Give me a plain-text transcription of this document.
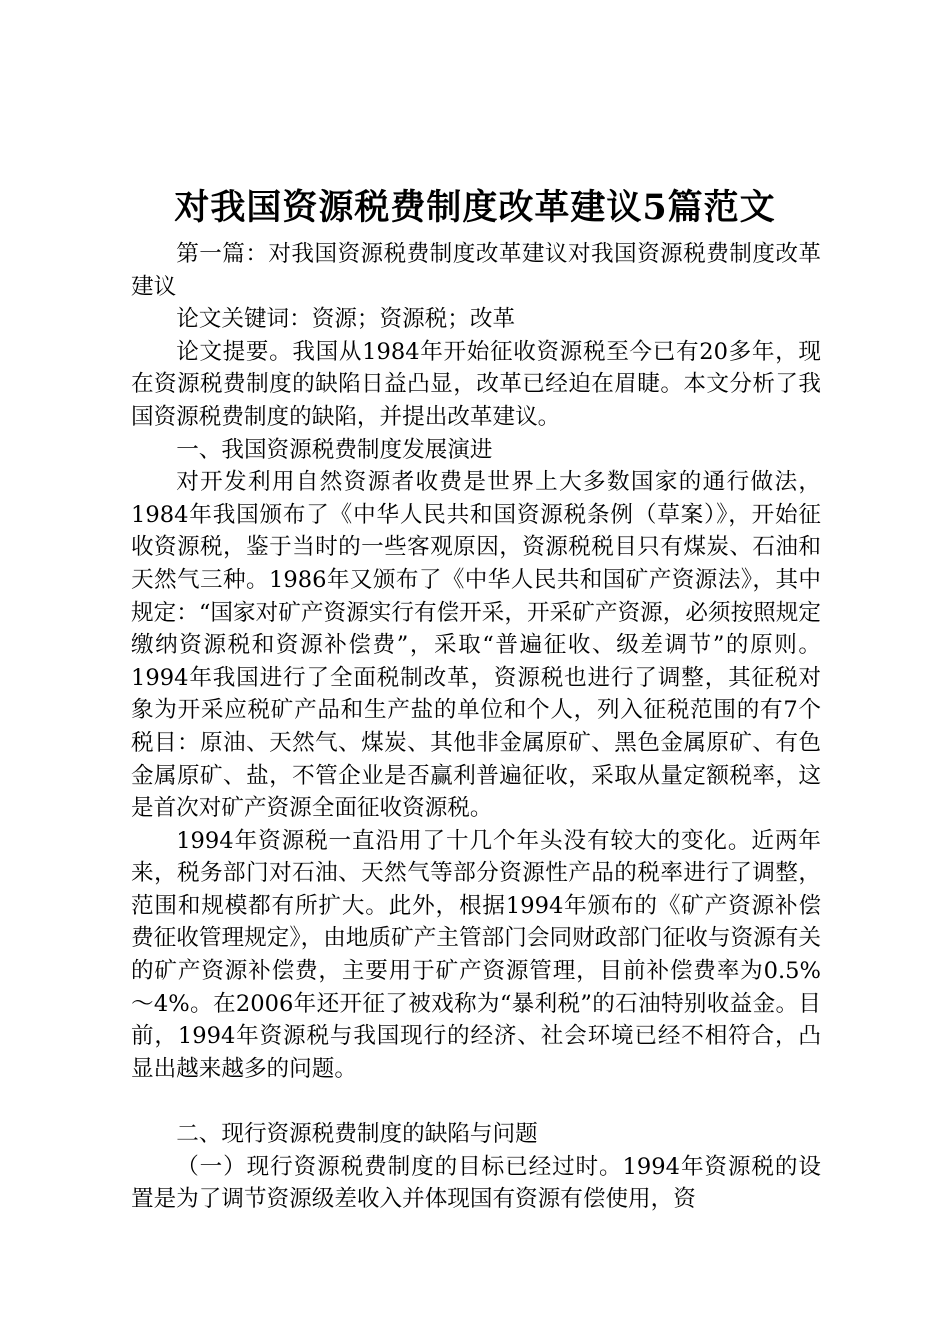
对我国资源税费制度改革建议5篇范文

第一篇：对我国资源税费制度改革建议对我国资源税费制度改革建议

论文关键词：资源；资源税；改革

论文提要。我国从1984年开始征收资源税至今已有20多年，现在资源税费制度的缺陷日益凸显，改革已经迫在眉睫。本文分析了我国资源税费制度的缺陷，并提出改革建议。

一、我国资源税费制度发展演进

对开发利用自然资源者收费是世界上大多数国家的通行做法，1984年我国颁布了《中华人民共和国资源税条例（草案）》，开始征收资源税，鉴于当时的一些客观原因，资源税税目只有煤炭、石油和天然气三种。1986年又颁布了《中华人民共和国矿产资源法》，其中规定：“国家对矿产资源实行有偿开采，开采矿产资源，必须按照规定缴纳资源税和资源补偿费”，采取“普遍征收、级差调节”的原则。1994年我国进行了全面税制改革，资源税也进行了调整，其征税对象为开采应税矿产品和生产盐的单位和个人，列入征税范围的有7个税目：原油、天然气、煤炭、其他非金属原矿、黑色金属原矿、有色金属原矿、盐，不管企业是否赢利普遍征收，采取从量定额税率，这是首次对矿产资源全面征收资源税。

1994年资源税一直沿用了十几个年头没有较大的变化。近两年来，税务部门对石油、天然气等部分资源性产品的税率进行了调整，范围和规模都有所扩大。此外，根据1994年颁布的《矿产资源补偿费征收管理规定》，由地质矿产主管部门会同财政部门征收与资源有关的矿产资源补偿费，主要用于矿产资源管理，目前补偿费率为0.5%～4%。在2006年还开征了被戏称为“暴利税”的石油特别收益金。目前，1994年资源税与我国现行的经济、社会环境已经不相符合，凸显出越来越多的问题。

二、现行资源税费制度的缺陷与问题

（一）现行资源税费制度的目标已经过时。1994年资源税的设置是为了调节资源级差收入并体现国有资源有偿使用，资
